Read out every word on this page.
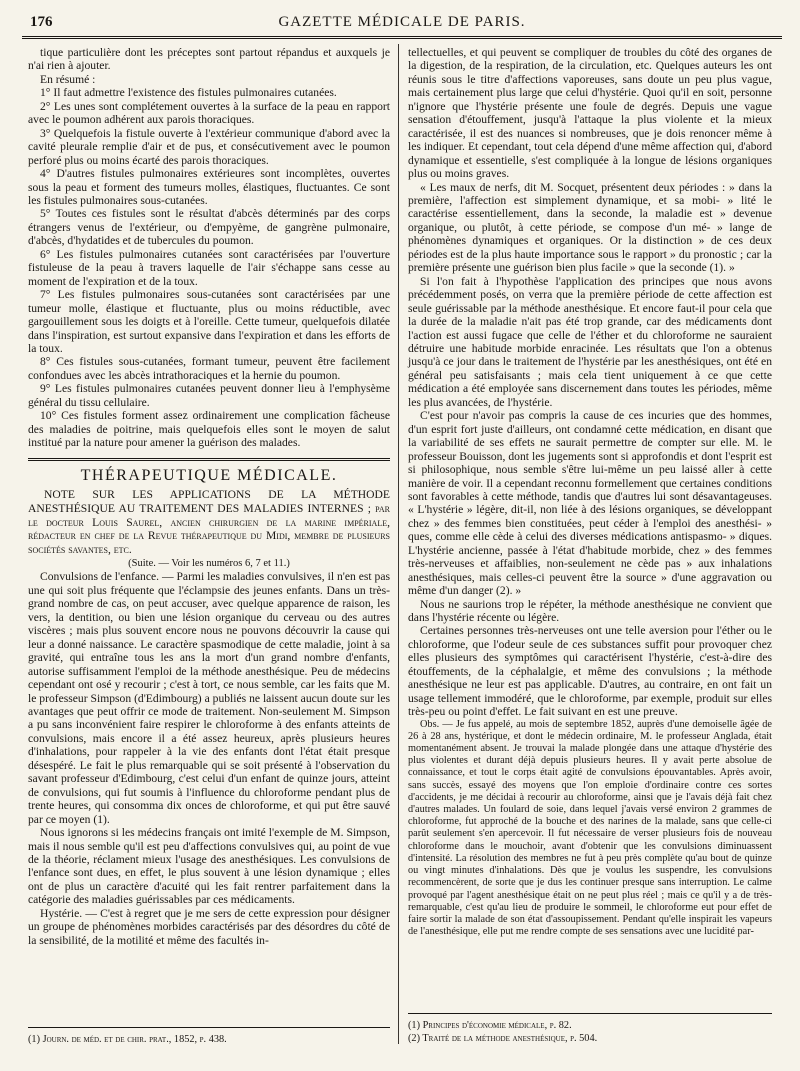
176	GAZETTE MÉDICALE DE PARIS.

tique particulière dont les préceptes sont partout répandus et auxquels je n'ai rien à ajouter.

En résumé :

1° Il faut admettre l'existence des fistules pulmonaires cutanées.

2° Les unes sont complétement ouvertes à la surface de la peau en rapport avec le poumon adhérent aux parois thoraciques.

3° Quelquefois la fistule ouverte à l'extérieur communique d'abord avec la cavité pleurale remplie d'air et de pus, et consécutivement avec le poumon perforé plus ou moins écarté des parois thoraciques.

4° D'autres fistules pulmonaires extérieures sont incomplètes, ouvertes sous la peau et forment des tumeurs molles, élastiques, fluctuantes. Ce sont les fistules pulmonaires sous-cutanées.

5° Toutes ces fistules sont le résultat d'abcès déterminés par des corps étrangers venus de l'extérieur, ou d'empyème, de gangrène pulmonaire, d'abcès, d'hydatides et de tubercules du poumon.

6° Les fistules pulmonaires cutanées sont caractérisées par l'ouverture fistuleuse de la peau à travers laquelle de l'air s'échappe sans cesse au moment de l'expiration et de la toux.

7° Les fistules pulmonaires sous-cutanées sont caractérisées par une tumeur molle, élastique et fluctuante, plus ou moins réductible, avec gargouillement sous les doigts et à l'oreille. Cette tumeur, quelquefois dilatée dans l'inspiration, est surtout expansive dans l'expiration et dans les efforts de la toux.

8° Ces fistules sous-cutanées, formant tumeur, peuvent être facilement confondues avec les abcès intrathoraciques et la hernie du poumon.

9° Les fistules pulmonaires cutanées peuvent donner lieu à l'emphysème général du tissu cellulaire.

10° Ces fistules forment assez ordinairement une complication fâcheuse des maladies de poitrine, mais quelquefois elles sont le moyen de salut institué par la nature pour amener la guérison des malades.

THÉRAPEUTIQUE MÉDICALE.

NOTE SUR LES APPLICATIONS DE LA MÉTHODE ANESTHÉSIQUE AU TRAITEMENT DES MALADIES INTERNES ; par le docteur Louis Saurel, ancien chirurgien de la marine impériale, rédacteur en chef de la Revue thérapeutique du Midi, membre de plusieurs sociétés savantes, etc.

(Suite. — Voir les numéros 6, 7 et 11.)

Convulsions de l'enfance. — Parmi les maladies convulsives, il n'en est pas une qui soit plus fréquente que l'éclampsie des jeunes enfants. Dans un très-grand nombre de cas, on peut accuser, avec quelque apparence de raison, les vers, la dentition, ou bien une lésion organique du cerveau ou des autres viscères ; mais plus souvent encore nous ne pouvons découvrir la cause qui leur a donné naissance. Le caractère spasmodique de cette maladie, joint à sa gravité, qui entraîne tous les ans la mort d'un grand nombre d'enfants, autorise suffisamment l'emploi de la méthode anesthésique. Peu de médecins cependant ont osé y recourir ; c'est à tort, ce nous semble, car les faits que M. le professeur Simpson (d'Edimbourg) a publiés ne laissent aucun doute sur les avantages que peut offrir ce mode de traitement. Non-seulement M. Simpson a pu sans inconvénient faire respirer le chloroforme à des enfants atteints de convulsions, mais encore il a été assez heureux, après plusieurs heures d'inhalations, pour rappeler à la vie des enfants dont l'état était presque désespéré. Le fait le plus remarquable qui se soit présenté à l'observation du savant professeur d'Edimbourg, c'est celui d'un enfant de quinze jours, atteint de convulsions, qui fut soumis à l'influence du chloroforme pendant plus de trente heures, qui consomma dix onces de chloroforme, et qui put être sauvé par ce moyen (1).

Nous ignorons si les médecins français ont imité l'exemple de M. Simpson, mais il nous semble qu'il est peu d'affections convulsives qui, au point de vue de la théorie, réclament mieux l'usage des anesthésiques. Les convulsions de l'enfance sont dues, en effet, le plus souvent à une lésion dynamique ; elles ont de plus un caractère d'acuité qui les fait rentrer parfaitement dans la catégorie des maladies guérissables par ces médicaments.

Hystérie. — C'est à regret que je me sers de cette expression pour désigner un groupe de phénomènes morbides caractérisés par des désordres du côté de la sensibilité, de la motilité et même des facultés in-

tellectuelles, et qui peuvent se compliquer de troubles du côté des organes de la digestion, de la respiration, de la circulation, etc. Quelques auteurs les ont réunis sous le titre d'affections vaporeuses, sans doute un peu plus vague, mais certainement plus large que celui d'hystérie. Quoi qu'il en soit, personne n'ignore que l'hystérie présente une foule de degrés. Depuis une vague sensation d'étouffement, jusqu'à l'attaque la plus violente et la mieux caractérisée, il est des nuances si nombreuses, que je dois renoncer même à les indiquer. Et cependant, tout cela dépend d'une même affection qui, d'abord dynamique et essentielle, s'est compliquée à la longue de lésions organiques plus ou moins graves.

« Les maux de nerfs, dit M. Socquet, présentent deux périodes : » dans la première, l'affection est simplement dynamique, et sa mobi- » lité le caractérise essentiellement, dans la seconde, la maladie est » devenue organique, ou plutôt, à cette période, se compose d'un mé- » lange de phénomènes dynamiques et organiques. Or la distinction » de ces deux périodes est de la plus haute importance sous le rapport » du pronostic ; car la première présente une guérison bien plus facile » que la seconde (1). »

Si l'on fait à l'hypothèse l'application des principes que nous avons précédemment posés, on verra que la première période de cette affection est seule guérissable par la méthode anesthésique. Et encore faut-il pour cela que la durée de la maladie n'ait pas été trop grande, car des médicaments dont l'action est aussi fugace que celle de l'éther et du chloroforme ne sauraient détruire une habitude morbide enracinée. Les résultats que l'on a obtenus jusqu'à ce jour dans le traitement de l'hystérie par les anesthésiques, ont été en général peu satisfaisants ; mais cela tient uniquement à ce que cette médication a été employée sans discernement dans toutes les périodes, même les plus avancées, de l'hystérie.

C'est pour n'avoir pas compris la cause de ces incuries que des hommes, d'un esprit fort juste d'ailleurs, ont condamné cette médication, en disant que la variabilité de ses effets ne saurait permettre de compter sur elle. M. le professeur Bouisson, dont les jugements sont si approfondis et dont l'esprit est si philosophique, nous semble s'être lui-même un peu laissé aller à cette manière de voir. Il a cependant reconnu formellement que certaines conditions sont favorables à cette méthode, tandis que d'autres lui sont désavantageuses. « L'hystérie » légère, dit-il, non liée à des lésions organiques, se développant chez » des femmes bien constituées, peut céder à l'emploi des anesthési- » ques, comme elle cède à celui des diverses médications antispasmo- » diques. L'hystérie ancienne, passée à l'état d'habitude morbide, chez » des femmes très-nerveuses et affaiblies, non-seulement ne cède pas » aux inhalations anesthésiques, mais celles-ci peuvent être la source » d'une aggravation ou même d'un danger (2). »

Nous ne saurions trop le répéter, la méthode anesthésique ne convient que dans l'hystérie récente ou légère.

Certaines personnes très-nerveuses ont une telle aversion pour l'éther ou le chloroforme, que l'odeur seule de ces substances suffit pour provoquer chez elles plusieurs des symptômes qui caractérisent l'hystérie, c'est-à-dire des étouffements, de la céphalalgie, et même des convulsions ; la méthode anesthésique ne leur est pas applicable. D'autres, au contraire, en ont fait un usage tellement immodéré, que le chloroforme, par exemple, produit sur elles très-peu ou point d'effet. Le fait suivant en est une preuve.

Obs. — Je fus appelé, au mois de septembre 1852, auprès d'une demoiselle âgée de 26 à 28 ans, hystérique, et dont le médecin ordinaire, M. le professeur Anglada, était momentanément absent. Je trouvai la malade plongée dans une attaque d'hystérie des plus violentes et durant déjà depuis plusieurs heures. Il y avait perte absolue de connaissance, et tout le corps était agité de convulsions épouvantables. Après avoir, sans succès, essayé des moyens que l'on emploie d'ordinaire contre ces sortes d'accidents, je me décidai à recourir au chloroforme, ainsi que je l'avais déjà fait chez d'autres malades. Un foulard de soie, dans lequel j'avais versé environ 2 grammes de chloroforme, fut approché de la bouche et des narines de la malade, sans que celle-ci parût seulement s'en apercevoir. Il fut nécessaire de verser plusieurs fois de nouveau chloroforme dans le mouchoir, avant d'obtenir que les convulsions diminuassent d'intensité. La résolution des membres ne fut à peu près complète qu'au bout de quinze ou vingt minutes d'inhalations. Dès que je voulus les suspendre, les convulsions recommencèrent, de sorte que je dus les continuer presque sans interruption. Le calme provoqué par l'agent anesthésique était on ne peut plus réel ; mais ce qu'il y a de très-remarquable, c'est qu'au lieu de produire le sommeil, le chloroforme eut pour effet de faire sortir la malade de son état d'assoupissement. Pendant qu'elle inspirait les vapeurs de l'anesthésique, elle put me rendre compte de ses sensations avec une lucidité par-

(1) Journ. de méd. et de chir. prat., 1852, p. 438.

(1) Principes d'économie médicale, p. 82.

(2) Traité de la méthode anesthésique, p. 504.
